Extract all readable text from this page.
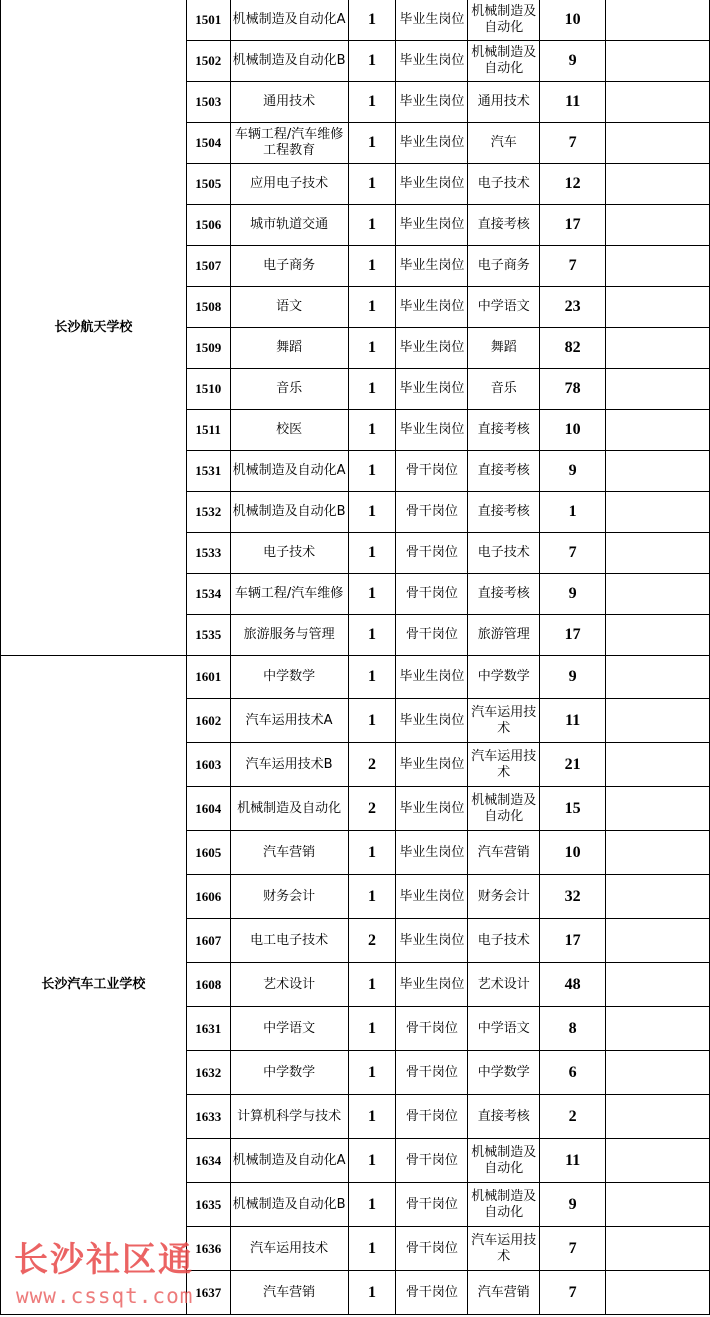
长沙航天学校	1501	机械制造及自动化A	1	毕业生岗位	机械制造及自动化	10	
	1502	机械制造及自动化B	1	毕业生岗位	机械制造及自动化	9	
	1503	通用技术	1	毕业生岗位	通用技术	11	
	1504	车辆工程/汽车维修工程教育	1	毕业生岗位	汽车	7	
	1505	应用电子技术	1	毕业生岗位	电子技术	12	
	1506	城市轨道交通	1	毕业生岗位	直接考核	17	
	1507	电子商务	1	毕业生岗位	电子商务	7	
	1508	语文	1	毕业生岗位	中学语文	23	
	1509	舞蹈	1	毕业生岗位	舞蹈	82	
	1510	音乐	1	毕业生岗位	音乐	78	
	1511	校医	1	毕业生岗位	直接考核	10	
	1531	机械制造及自动化A	1	骨干岗位	直接考核	9	
	1532	机械制造及自动化B	1	骨干岗位	直接考核	1	
	1533	电子技术	1	骨干岗位	电子技术	7	
	1534	车辆工程/汽车维修	1	骨干岗位	直接考核	9	
	1535	旅游服务与管理	1	骨干岗位	旅游管理	17	
长沙汽车工业学校	1601	中学数学	1	毕业生岗位	中学数学	9	
	1602	汽车运用技术A	1	毕业生岗位	汽车运用技术	11	
	1603	汽车运用技术B	2	毕业生岗位	汽车运用技术	21	
	1604	机械制造及自动化	2	毕业生岗位	机械制造及自动化	15	
	1605	汽车营销	1	毕业生岗位	汽车营销	10	
	1606	财务会计	1	毕业生岗位	财务会计	32	
	1607	电工电子技术	2	毕业生岗位	电子技术	17	
	1608	艺术设计	1	毕业生岗位	艺术设计	48	
	1631	中学语文	1	骨干岗位	中学语文	8	
	1632	中学数学	1	骨干岗位	中学数学	6	
	1633	计算机科学与技术	1	骨干岗位	直接考核	2	
	1634	机械制造及自动化A	1	骨干岗位	机械制造及自动化	11	
	1635	机械制造及自动化B	1	骨干岗位	机械制造及自动化	9	
	1636	汽车运用技术	1	骨干岗位	汽车运用技术	7	
	1637	汽车营销	1	骨干岗位	汽车营销	7	
长沙社区通
www.cssqt.com
